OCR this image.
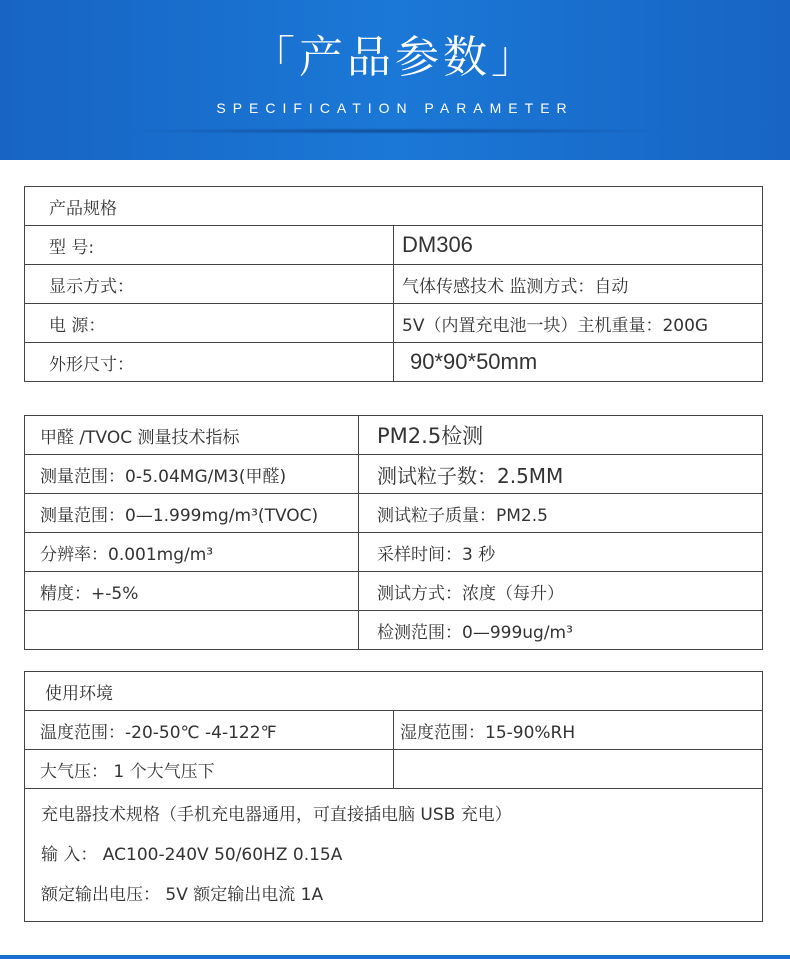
「产品参数」
SPECIFICATION PARAMETER
产品规格	
型 号:	DM306
显示方式：	气体传感技术 监测方式：自动
电 源：	5V（内置充电池一块）主机重量：200G
外形尺寸：	90*90*50mm
甲醛 /TVOC 测量技术指标	PM2.5检测
测量范围：0-5.04MG/M3(甲醛)	测试粒子数：2.5MM
测量范围：0—1.999mg/m³(TVOC)	测试粒子质量：PM2.5
分辨率：0.001mg/m³	采样时间：3 秒
精度：+-5%	测试方式：浓度（每升）
	检测范围：0—999ug/m³
使用环境	
温度范围：-20-50℃ -4-122℉	湿度范围：15-90%RH
大气压： 1 个大气压下	

充电器技术规格（手机充电器通用，可直接插电脑 USB 充电）
输 入： AC100-240V 50/60HZ 0.15A
额定输出电压： 5V 额定输出电流 1A	
